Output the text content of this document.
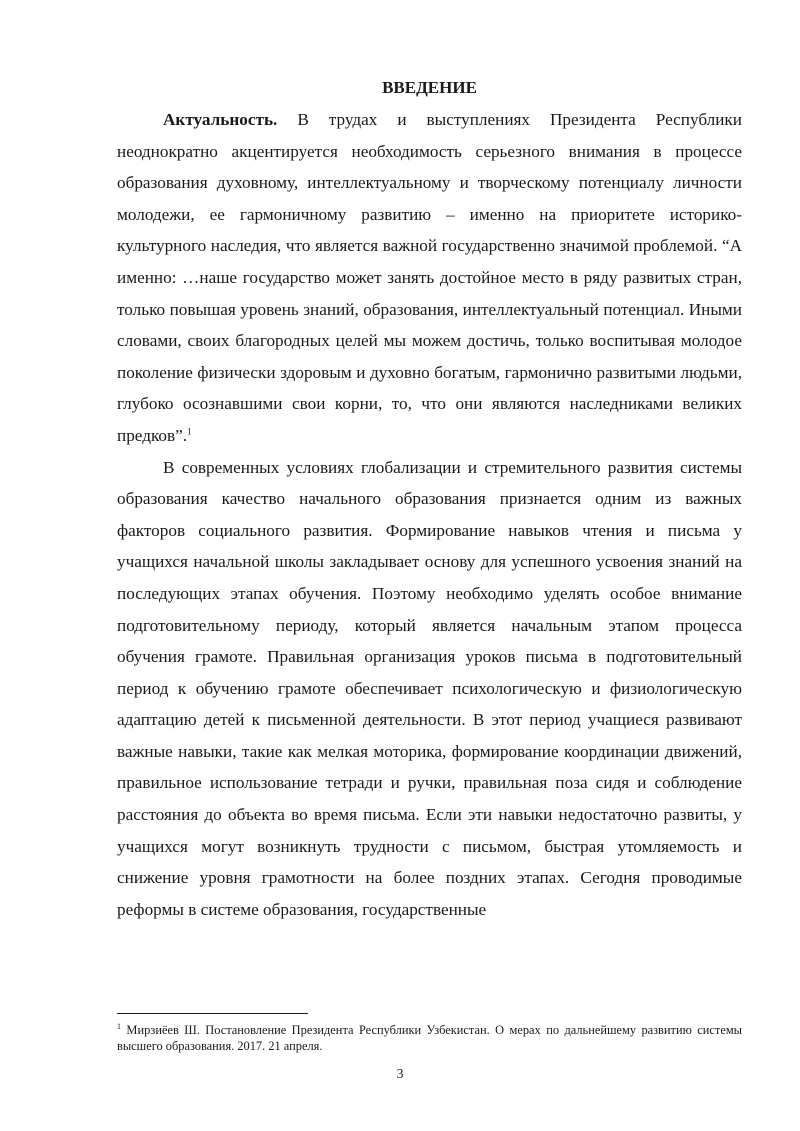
ВВЕДЕНИЕ

Актуальность. В трудах и выступлениях Президента Республики неоднократно акцентируется необходимость серьезного внимания в процессе образования духовному, интеллектуальному и творческому потенциалу личности молодежи, ее гармоничному развитию – именно на приоритете историко-культурного наследия, что является важной государственно значимой проблемой. “А именно: …наше государство может занять достойное место в ряду развитых стран, только повышая уровень знаний, образования, интеллектуальный потенциал. Иными словами, своих благородных целей мы можем достичь, только воспитывая молодое поколение физически здоровым и духовно богатым, гармонично развитыми людьми, глубоко осознавшими свои корни, то, что они являются наследниками великих предков”.$^1$

В современных условиях глобализации и стремительного развития системы образования качество начального образования признается одним из важных факторов социального развития. Формирование навыков чтения и письма у учащихся начальной школы закладывает основу для успешного усвоения знаний на последующих этапах обучения. Поэтому необходимо уделять особое внимание подготовительному периоду, который является начальным этапом процесса обучения грамоте. Правильная организация уроков письма в подготовительный период к обучению грамоте обеспечивает психологическую и физиологическую адаптацию детей к письменной деятельности. В этот период учащиеся развивают важные навыки, такие как мелкая моторика, формирование координации движений, правильное использование тетради и ручки, правильная поза сидя и соблюдение расстояния до объекта во время письма. Если эти навыки недостаточно развиты, у учащихся могут возникнуть трудности с письмом, быстрая утомляемость и снижение уровня грамотности на более поздних этапах. Сегодня проводимые реформы в системе образования, государственные

$^1$ Мирзиёев Ш. Постановление Президента Республики Узбекистан. О мерах по дальнейшему развитию системы высшего образования. 2017. 21 апреля.

3
